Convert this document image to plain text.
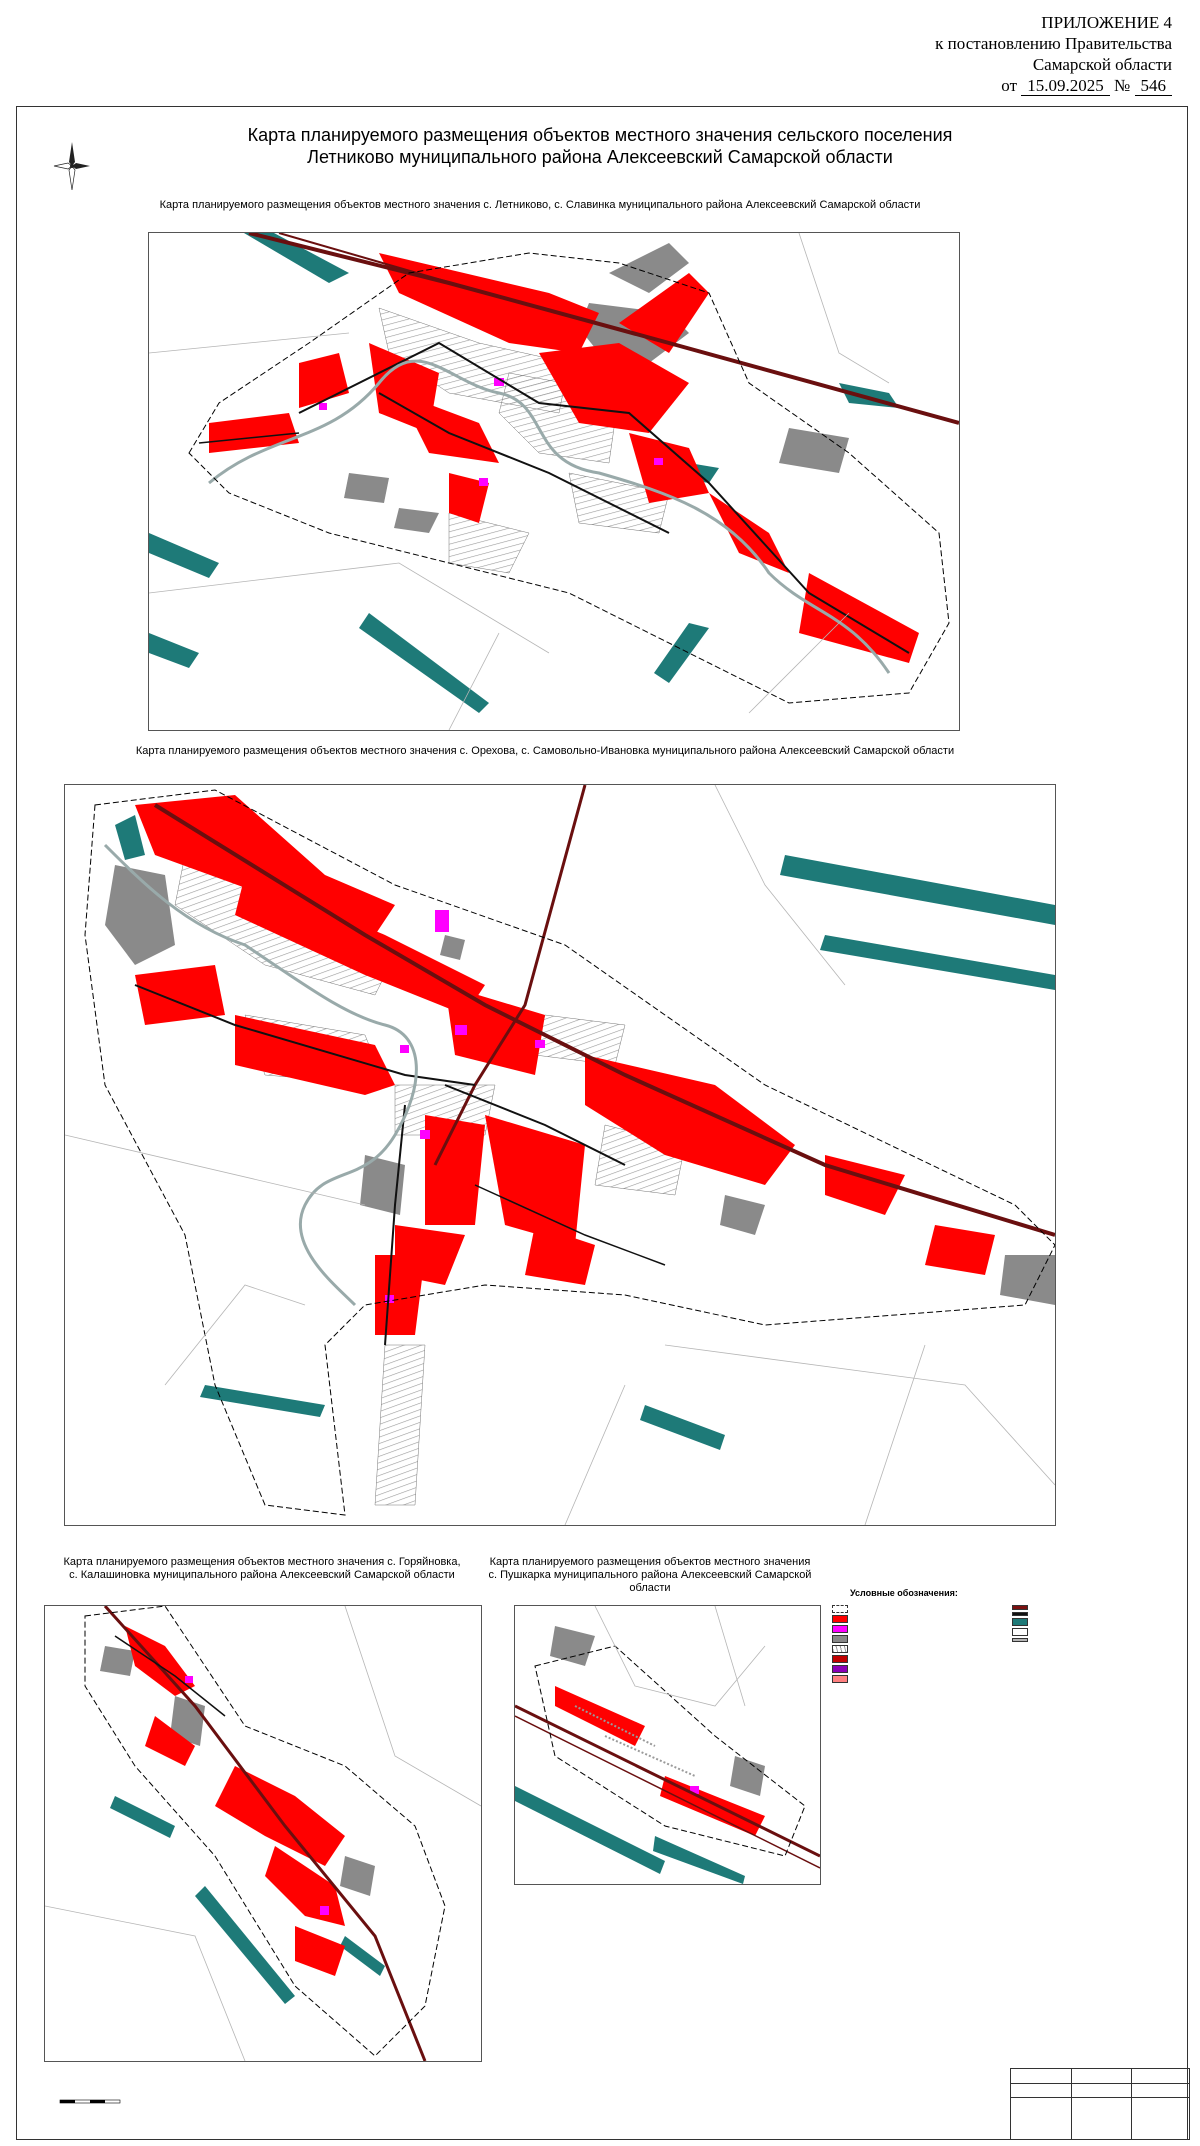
ПРИЛОЖЕНИЕ 4
к постановлению Правительства
Самарской области
от 15.09.2025 № 546
Карта планируемого размещения объектов местного значения сельского поселения
Летниково муниципального района Алексеевский Самарской области
Карта планируемого размещения объектов местного значения с. Летниково, с. Славинка муниципального района Алексеевский Самарской области
Карта планируемого размещения объектов местного значения с. Орехова, с. Самовольно-Ивановка муниципального района Алексеевский Самарской области
Карта планируемого размещения объектов местного значения с. Горяйновка,
с. Калашиновка муниципального района Алексеевский Самарской области
Карта планируемого размещения объектов местного значения
с. Пушкарка муниципального района Алексеевский Самарской области	Условные обозначения:
